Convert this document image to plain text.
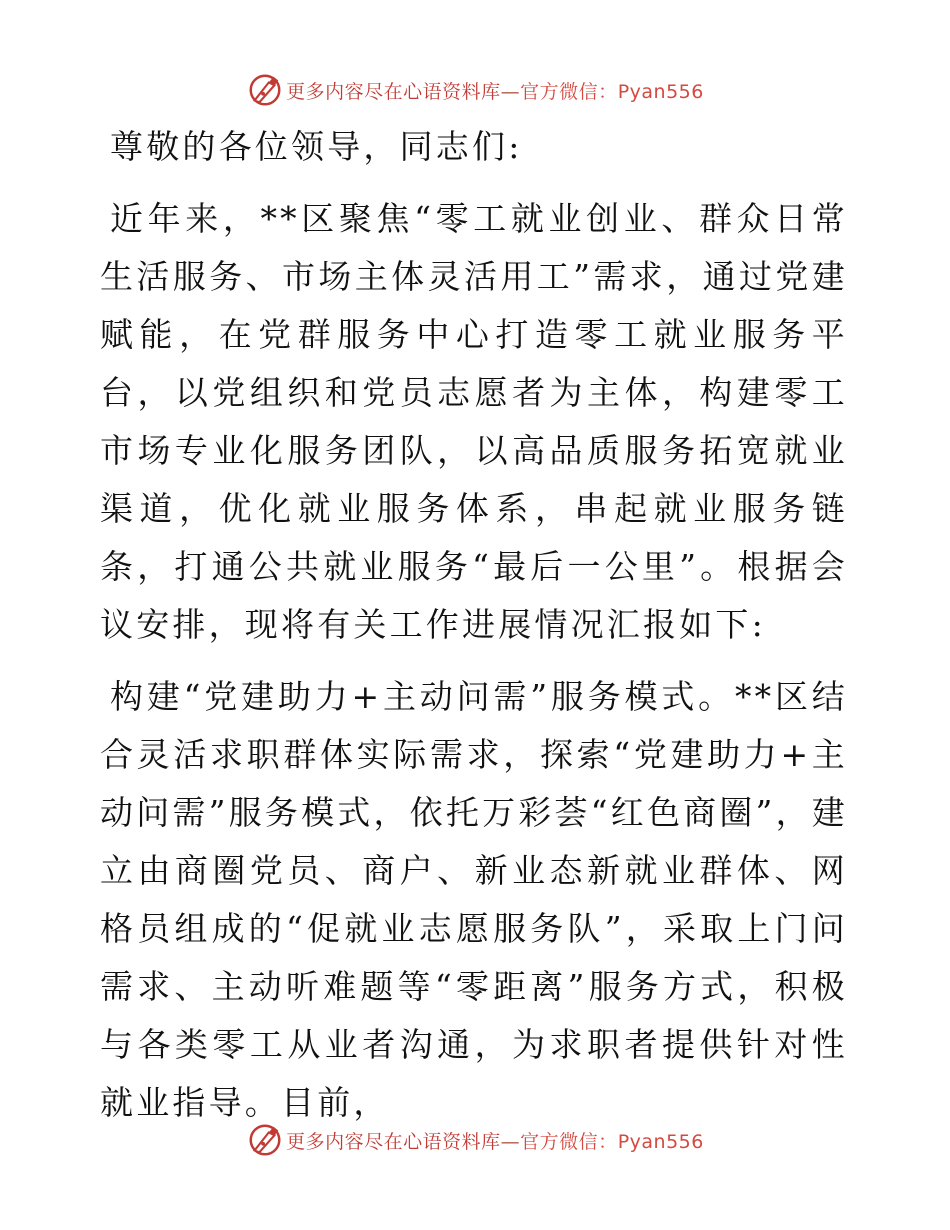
更多内容尽在心语资料库—官方微信：Pyan556

尊敬的各位领导，同志们:

近年来，**区聚焦“零工就业创业、群众日常生活服务、市场主体灵活用工”需求，通过党建赋能，在党群服务中心打造零工就业服务平台，以党组织和党员志愿者为主体，构建零工市场专业化服务团队，以高品质服务拓宽就业渠道，优化就业服务体系，串起就业服务链条，打通公共就业服务“最后一公里”。根据会议安排，现将有关工作进展情况汇报如下:

构建“党建助力+主动问需”服务模式。**区结合灵活求职群体实际需求，探索“党建助力+主动问需”服务模式，依托万彩荟“红色商圈”，建立由商圈党员、商户、新业态新就业群体、网格员组成的“促就业志愿服务队”，采取上门问需求、主动听难题等“零距离”服务方式，积极与各类零工从业者沟通，为求职者提供针对性就业指导。目前，

更多内容尽在心语资料库—官方微信：Pyan556
